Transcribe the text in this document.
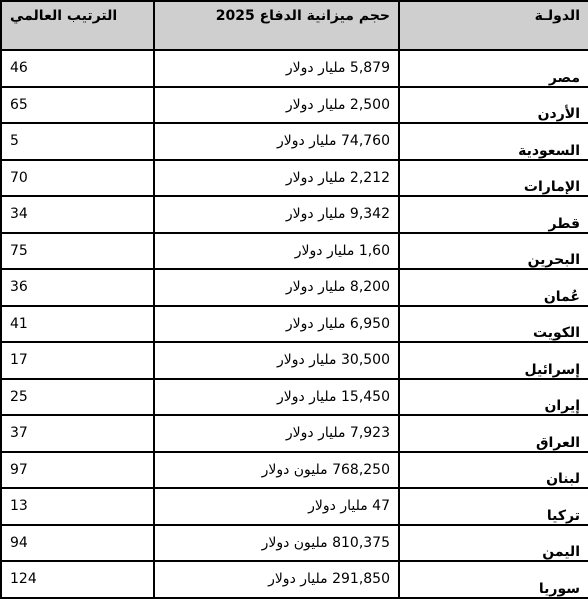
الدولـة	حجم ميزانية الدفاع 2025	الترتيب العالمي
مصر	5,879 مليار دولار	46
الأردن	2,500 مليار دولار	65
السعودية	74,760 مليار دولار	5
الإمارات	2,212 مليار دولار	70
قطر	9,342 مليار دولار	34
البحرين	1,60 مليار دولار	75
عُمان	8,200 مليار دولار	36
الكويت	6,950 مليار دولار	41
إسرائيل	30,500 مليار دولار	17
إيران	15,450 مليار دولار	25
العراق	7,923 مليار دولار	37
لبنان	768,250 مليون دولار	97
تركيا	47 مليار دولار	13
اليمن	810,375 مليون دولار	94
سوريا	291,850 مليار دولار	124
